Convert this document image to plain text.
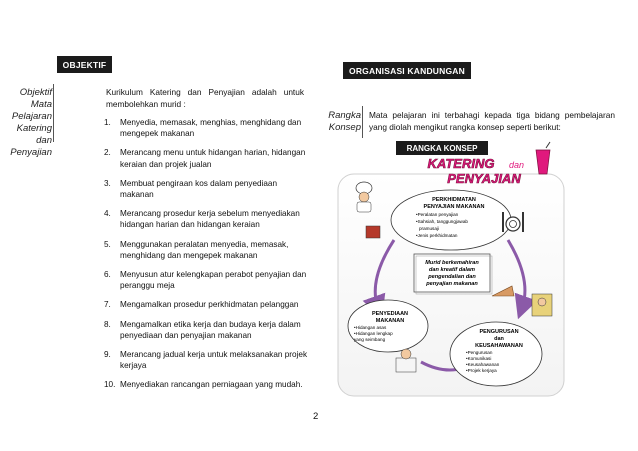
OBJEKTIF
Objektif Mata Pelajaran Katering dan Penyajian
Kurikulum Katering dan Penyajian adalah untuk membolehkan murid :
1.	Menyedia, memasak, menghias, menghidang dan mengepek makanan
2.	Merancang menu untuk hidangan harian, hidangan keraian dan projek jualan
3.	Membuat pengiraan kos dalam penyediaan makanan
4.	Merancang prosedur kerja sebelum menyediakan hidangan harian dan hidangan keraian
5.	Menggunakan peralatan menyedia, memasak, menghidang dan mengepek makanan
6.	Menyusun atur kelengkapan perabot penyajian dan peranggu meja
7.	Mengamalkan prosedur perkhidmatan pelanggan
8.	Mengamalkan etika kerja dan budaya kerja dalam penyediaan dan penyajian makanan
9.	Merancang jadual kerja untuk melaksanakan projek kerjaya
10. Menyediakan rancangan perniagaan yang mudah.
ORGANISASI KANDUNGAN
Rangka Konsep
Mata pelajaran ini terbahagi kepada tiga bidang pembelajaran yang diolah mengikut rangka konsep seperti berikut:
RANGKA KONSEP
KATERING dan
PENYAJIAN
PERKHIDMATAN
PENYAJIAN MAKANAN
•Peralatan penyajian
•Sahsiah, tanggungjawab
pramusaji
•Jenis perkhidmatan
Murid berkemahiran
dan kreatif dalam
pengendalian dan
penyajian makanan
PENYEDIAAN
MAKANAN
•Hidangan asas
•Hidangan lengkap
yang seimbang
PENGURUSAN
dan
KEUSAHAWANAN
•Pengurusan
•Komunikasi
•Keusahawanan
•Projek kerjaya
2
